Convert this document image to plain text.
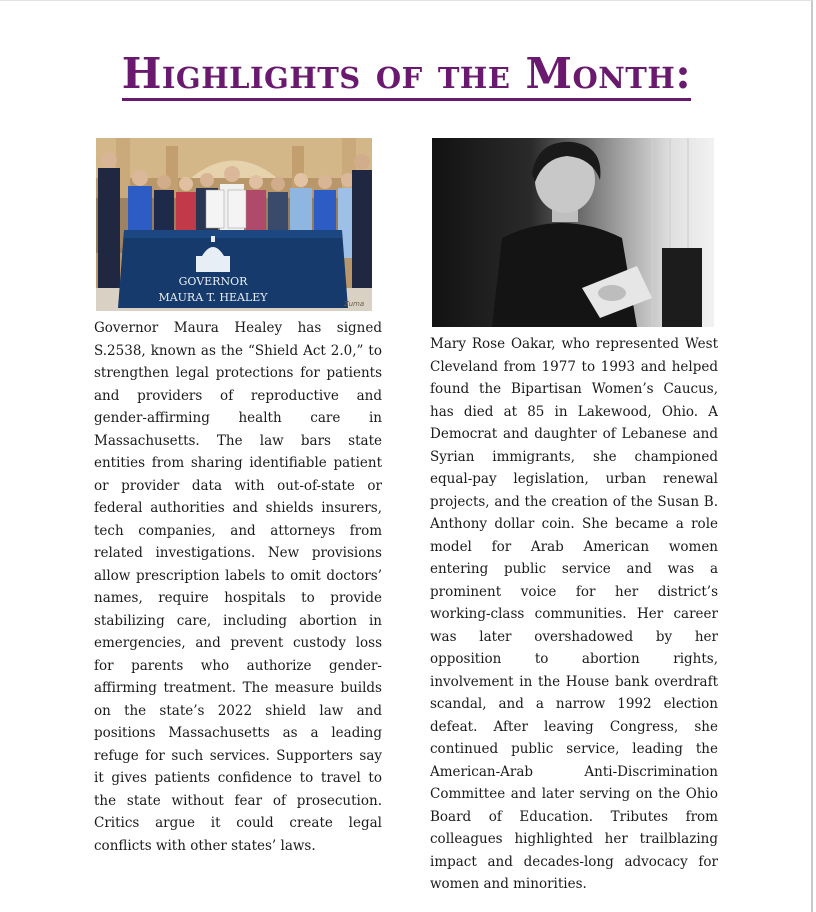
Highlights of the Month:
GOVERNOR
MAURA T. HEALEY	Zuma

Governor Maura Healey has signed S.2538, known as the “Shield Act 2.0,” to strengthen legal protections for patients and providers of reproductive and gender-affirming health care in Massachusetts. The law bars state entities from sharing identifiable patient or provider data with out-of-state or federal authorities and shields insurers, tech companies, and attorneys from related investigations. New provisions allow prescription labels to omit doctors’ names, require hospitals to provide stabilizing care, including abortion in emergencies, and prevent custody loss for parents who authorize gender-affirming treatment. The measure builds on the state’s 2022 shield law and positions Massachusetts as a leading refuge for such services. Supporters say it gives patients confidence to travel to the state without fear of prosecution. Critics argue it could create legal conflicts with other states’ laws.

Mary Rose Oakar, who represented West Cleveland from 1977 to 1993 and helped found the Bipartisan Women’s Caucus, has died at 85 in Lakewood, Ohio. A Democrat and daughter of Lebanese and Syrian immigrants, she championed equal-pay legislation, urban renewal projects, and the creation of the Susan B. Anthony dollar coin. She became a role model for Arab American women entering public service and was a prominent voice for her district’s working-class communities. Her career was later overshadowed by her opposition to abortion rights, involvement in the House bank overdraft scandal, and a narrow 1992 election defeat. After leaving Congress, she continued public service, leading the American-Arab Anti-Discrimination Committee and later serving on the Ohio Board of Education. Tributes from colleagues highlighted her trailblazing impact and decades-long advocacy for women and minorities.
